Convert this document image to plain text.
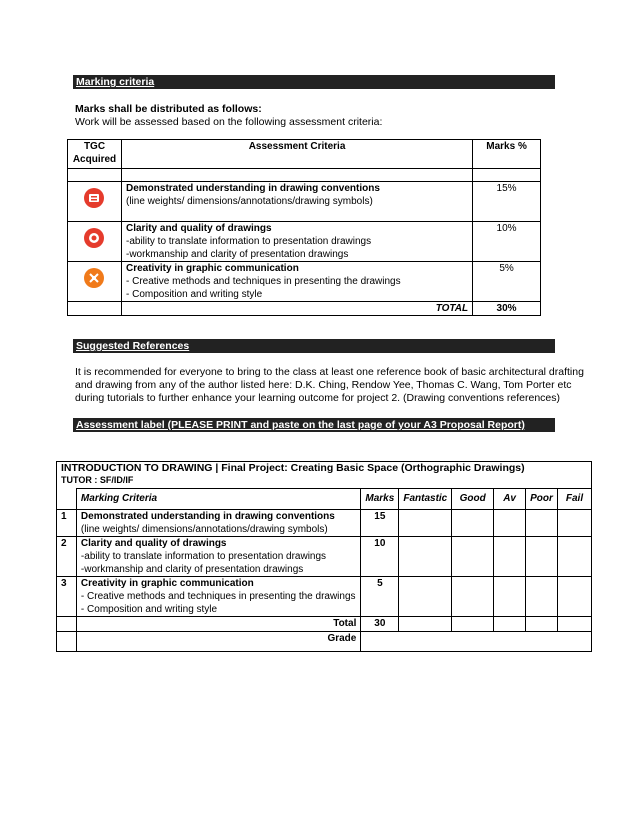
Marking criteria
Marks shall be distributed as follows:
Work will be assessed based on the following assessment criteria:
TGC
Acquired	Assessment Criteria	Marks %

Demonstrated understanding in drawing conventions
(line weights/ dimensions/annotations/drawing symbols)	15%

Clarity and quality of drawings
-ability to translate information to presentation drawings
-workmanship and clarity of presentation drawings	10%

Creativity in graphic communication
- Creative methods and techniques in presenting the drawings
- Composition and writing style	5%
	TOTAL	30%
Suggested References
It is recommended for everyone to bring to the class at least one reference book of basic architectural drafting
and drawing from any of the author listed here: D.K. Ching, Rendow Yee, Thomas C. Wang, Tom Porter etc
during tutorials to further enhance your learning outcome for project 2. (Drawing conventions references)
Assessment label (PLEASE PRINT and paste on the last page of your A3 Proposal Report)
INTRODUCTION TO DRAWING | Final Project: Creating Basic Space (Orthographic Drawings)
TUTOR : SF/ID/IF							

	Marking Criteria	Marks	Fantastic	Good	Av	Poor	Fail
1	Demonstrated understanding in drawing conventions
(line weights/ dimensions/annotations/drawing symbols)	15					
2	Clarity and quality of drawings
-ability to translate information to presentation drawings
-workmanship and clarity of presentation drawings	10					
3	Creativity in graphic communication
- Creative methods and techniques in presenting the drawings
- Composition and writing style	5					
	Total	30					
	Grade						
